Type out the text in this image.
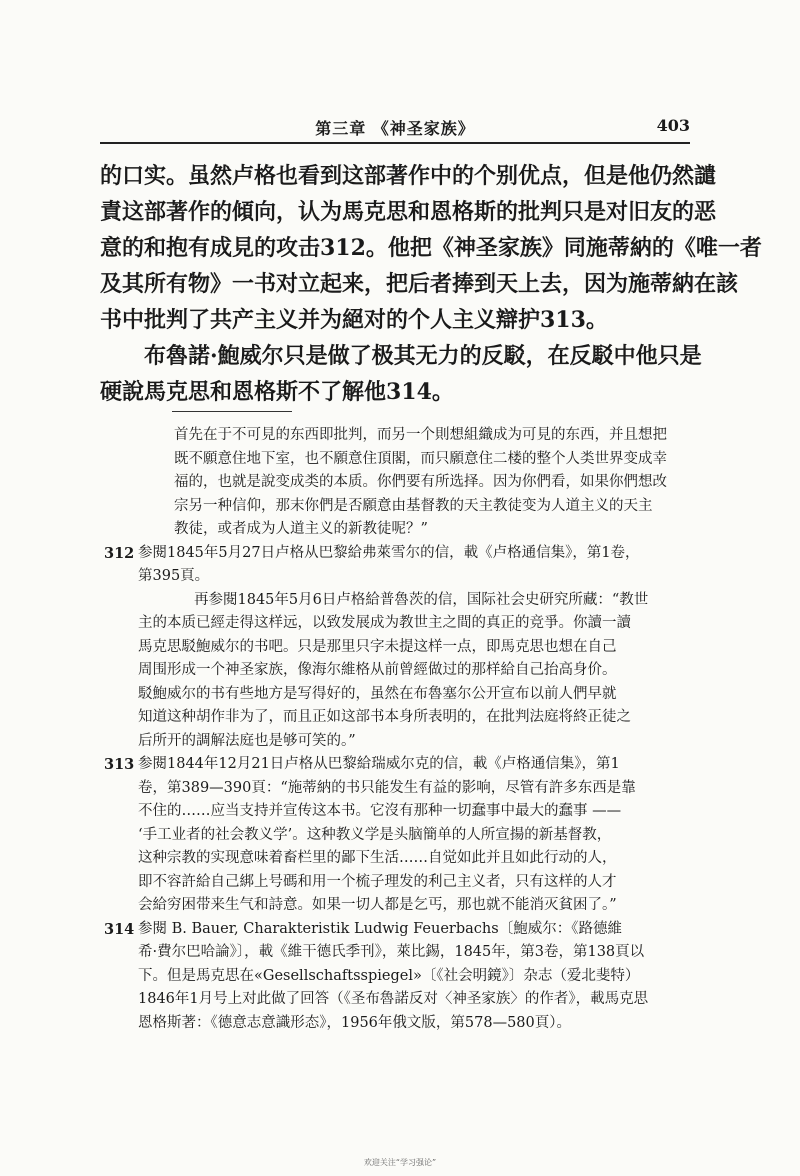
第三章 《神圣家族》	403

的口实。虽然卢格也看到这部著作中的个别优点，但是他仍然譴

責这部著作的傾向，认为馬克思和恩格斯的批判只是对旧友的恶

意的和抱有成見的攻击312。他把《神圣家族》同施蒂納的《唯一者

及其所有物》一书对立起来，把后者捧到天上去，因为施蒂納在該

书中批判了共产主义并为絕对的个人主义辯护313。

布魯諾·鮑威尔只是做了极其无力的反駁，在反駁中他只是

硬說馬克思和恩格斯不了解他314。

首先在于不可見的东西即批判，而另一个則想組織成为可見的东西，并且想把

既不願意住地下室，也不願意住頂閣，而只願意住二楼的整个人类世界变成幸

福的，也就是說变成类的本质。你們要有所选择。因为你們看，如果你們想改

宗另一种信仰，那末你們是否願意由基督教的天主教徒变为人道主义的天主

教徒，或者成为人道主义的新教徒呢？”

312 参閱1845年5月27日卢格从巴黎給弗萊雪尔的信，載《卢格通信集》，第1卷，

第395頁。

再参閱1845年5月6日卢格給普魯茨的信，国际社会史研究所藏：“教世

主的本质已經走得这样远，以致发展成为教世主之間的真正的竞爭。你讀一讀

馬克思駁鮑威尔的书吧。只是那里只字未提这样一点，即馬克思也想在自己

周围形成一个神圣家族，像海尔維格从前曾經做过的那样給自己抬高身价。

駁鮑威尔的书有些地方是写得好的，虽然在布魯塞尔公开宣布以前人們早就

知道这种胡作非为了，而且正如这部书本身所表明的，在批判法庭将終正徒之

后所开的調解法庭也是够可笑的。”

313 参閱1844年12月21日卢格从巴黎給瑞威尔克的信，載《卢格通信集》，第1

卷，第389—390頁：“施蒂納的书只能发生有益的影响，尽管有許多东西是靠

不住的……应当支持并宣传这本书。它沒有那种一切蠢事中最大的蠢事 ——

‘手工业者的社会教义学’。这种教义学是头脑簡单的人所宣揚的新基督教，

这种宗教的实现意味着畜栏里的鄙下生活……自觉如此并且如此行动的人，

即不容許給自己綁上号碼和用一个梳子理发的利己主义者，只有这样的人才

会給穷困带来生气和詩意。如果一切人都是乞丐，那也就不能消灭貧困了。”

314 参閱 B. Bauer, Charakteristik Ludwig Feuerbachs〔鮑威尔：《路德維

希·費尔巴哈論》〕，載《維干德氏季刊》，萊比錫，1845年，第3卷，第138頁以

下。但是馬克思在«Gesellschaftsspiegel»〔《社会明鏡》〕杂志（爱北斐特）

1846年1月号上对此做了回答（《圣布魯諾反对〈神圣家族〉的作者》，載馬克思

恩格斯著：《德意志意識形态》，1956年俄文版，第578—580頁）。

欢迎关注“学习强论”
